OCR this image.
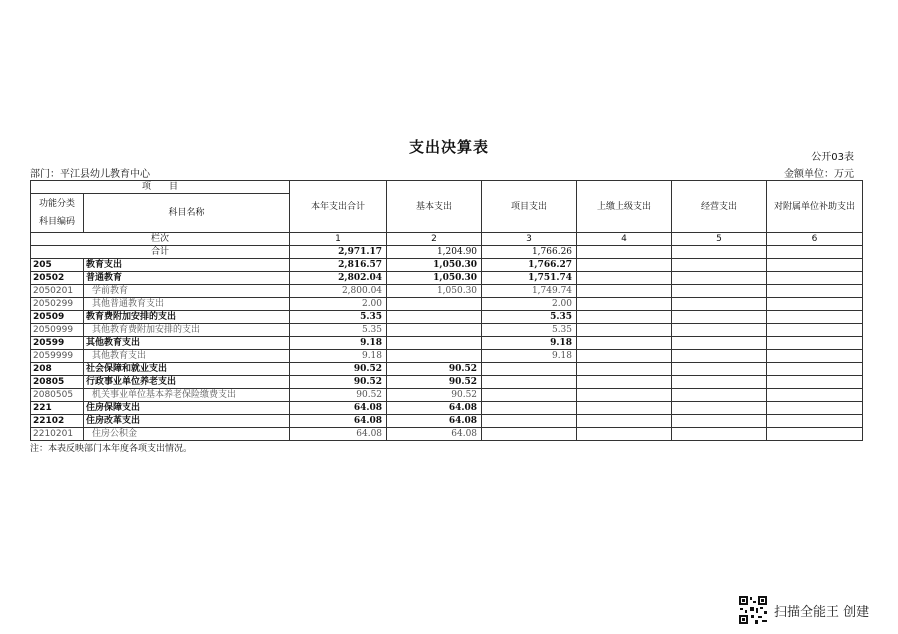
支出决算表
公开03表
部门：平江县幼儿教育中心	金额单位：万元
项　　目		本年支出合计	基本支出	项目支出	上缴上级支出	经营支出	对附属单位补助支出
功能分类
科目编码	科目名称						
栏次		1	2	3	4	5	6
合计		2,971.17	1,204.90	1,766.26			
205	教育支出	2,816.57	1,050.30	1,766.27			
20502	普通教育	2,802.04	1,050.30	1,751.74			
2050201	学前教育	2,800.04	1,050.30	1,749.74			
2050299	其他普通教育支出	2.00		2.00			
20509	教育费附加安排的支出	5.35		5.35			
2050999	其他教育费附加安排的支出	5.35		5.35			
20599	其他教育支出	9.18		9.18			
2059999	其他教育支出	9.18		9.18			
208	社会保障和就业支出	90.52	90.52				
20805	行政事业单位养老支出	90.52	90.52				
2080505	机关事业单位基本养老保险缴费支出	90.52	90.52				
221	住房保障支出	64.08	64.08				
22102	住房改革支出	64.08	64.08				
2210201	住房公积金	64.08	64.08				
注：本表反映部门本年度各项支出情况。
扫描全能王 创建
